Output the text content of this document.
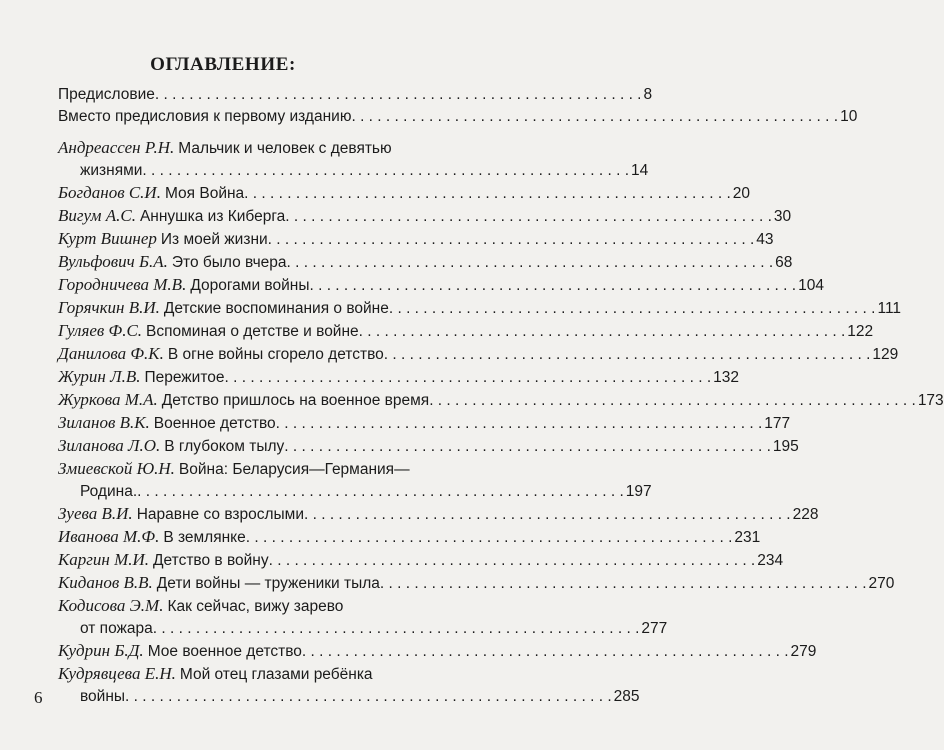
ОГЛАВЛЕНИЕ:
Предисловие . . .	8
Вместо предисловия к первому изданию . . .	10
Андреассен Р.Н. Мальчик и человек с девятью
жизнями . . .	14
Богданов С.И. Моя Война . . .	20
Вигум А.С. Аннушка из Киберга . . .	30
Курт Вишнер Из моей жизни . . .	43
Вульфович Б.А. Это было вчера . . .	68
Городничева М.В. Дорогами войны . . .	104
Горячкин В.И. Детские воспоминания о войне . . .	111
Гуляев Ф.С. Вспоминая о детстве и войне . . .	122
Данилова Ф.К. В огне войны сгорело детство . . .	129
Журин Л.В. Пережитое . . .	132
Журкова М.А. Детство пришлось на военное время . . .	173
Зиланов В.К. Военное детство . . .	177
Зиланова Л.О. В глубоком тылу . . .	195
Змиевской Ю.Н. Война: Беларусия—Германия—
Родина. . . .	197
Зуева В.И. Наравне со взрослыми . . .	228
Иванова М.Ф. В землянке . . .	231
Каргин М.И. Детство в войну . . .	234
Киданов В.В. Дети войны — труженики тыла . . .	270
Кодисова Э.М. Как сейчас, вижу зарево
от пожара . . .	277
Кудрин Б.Д. Мое военное детство . . .	279
Кудрявцева Е.Н. Мой отец глазами ребёнка
войны . . .	285
6
